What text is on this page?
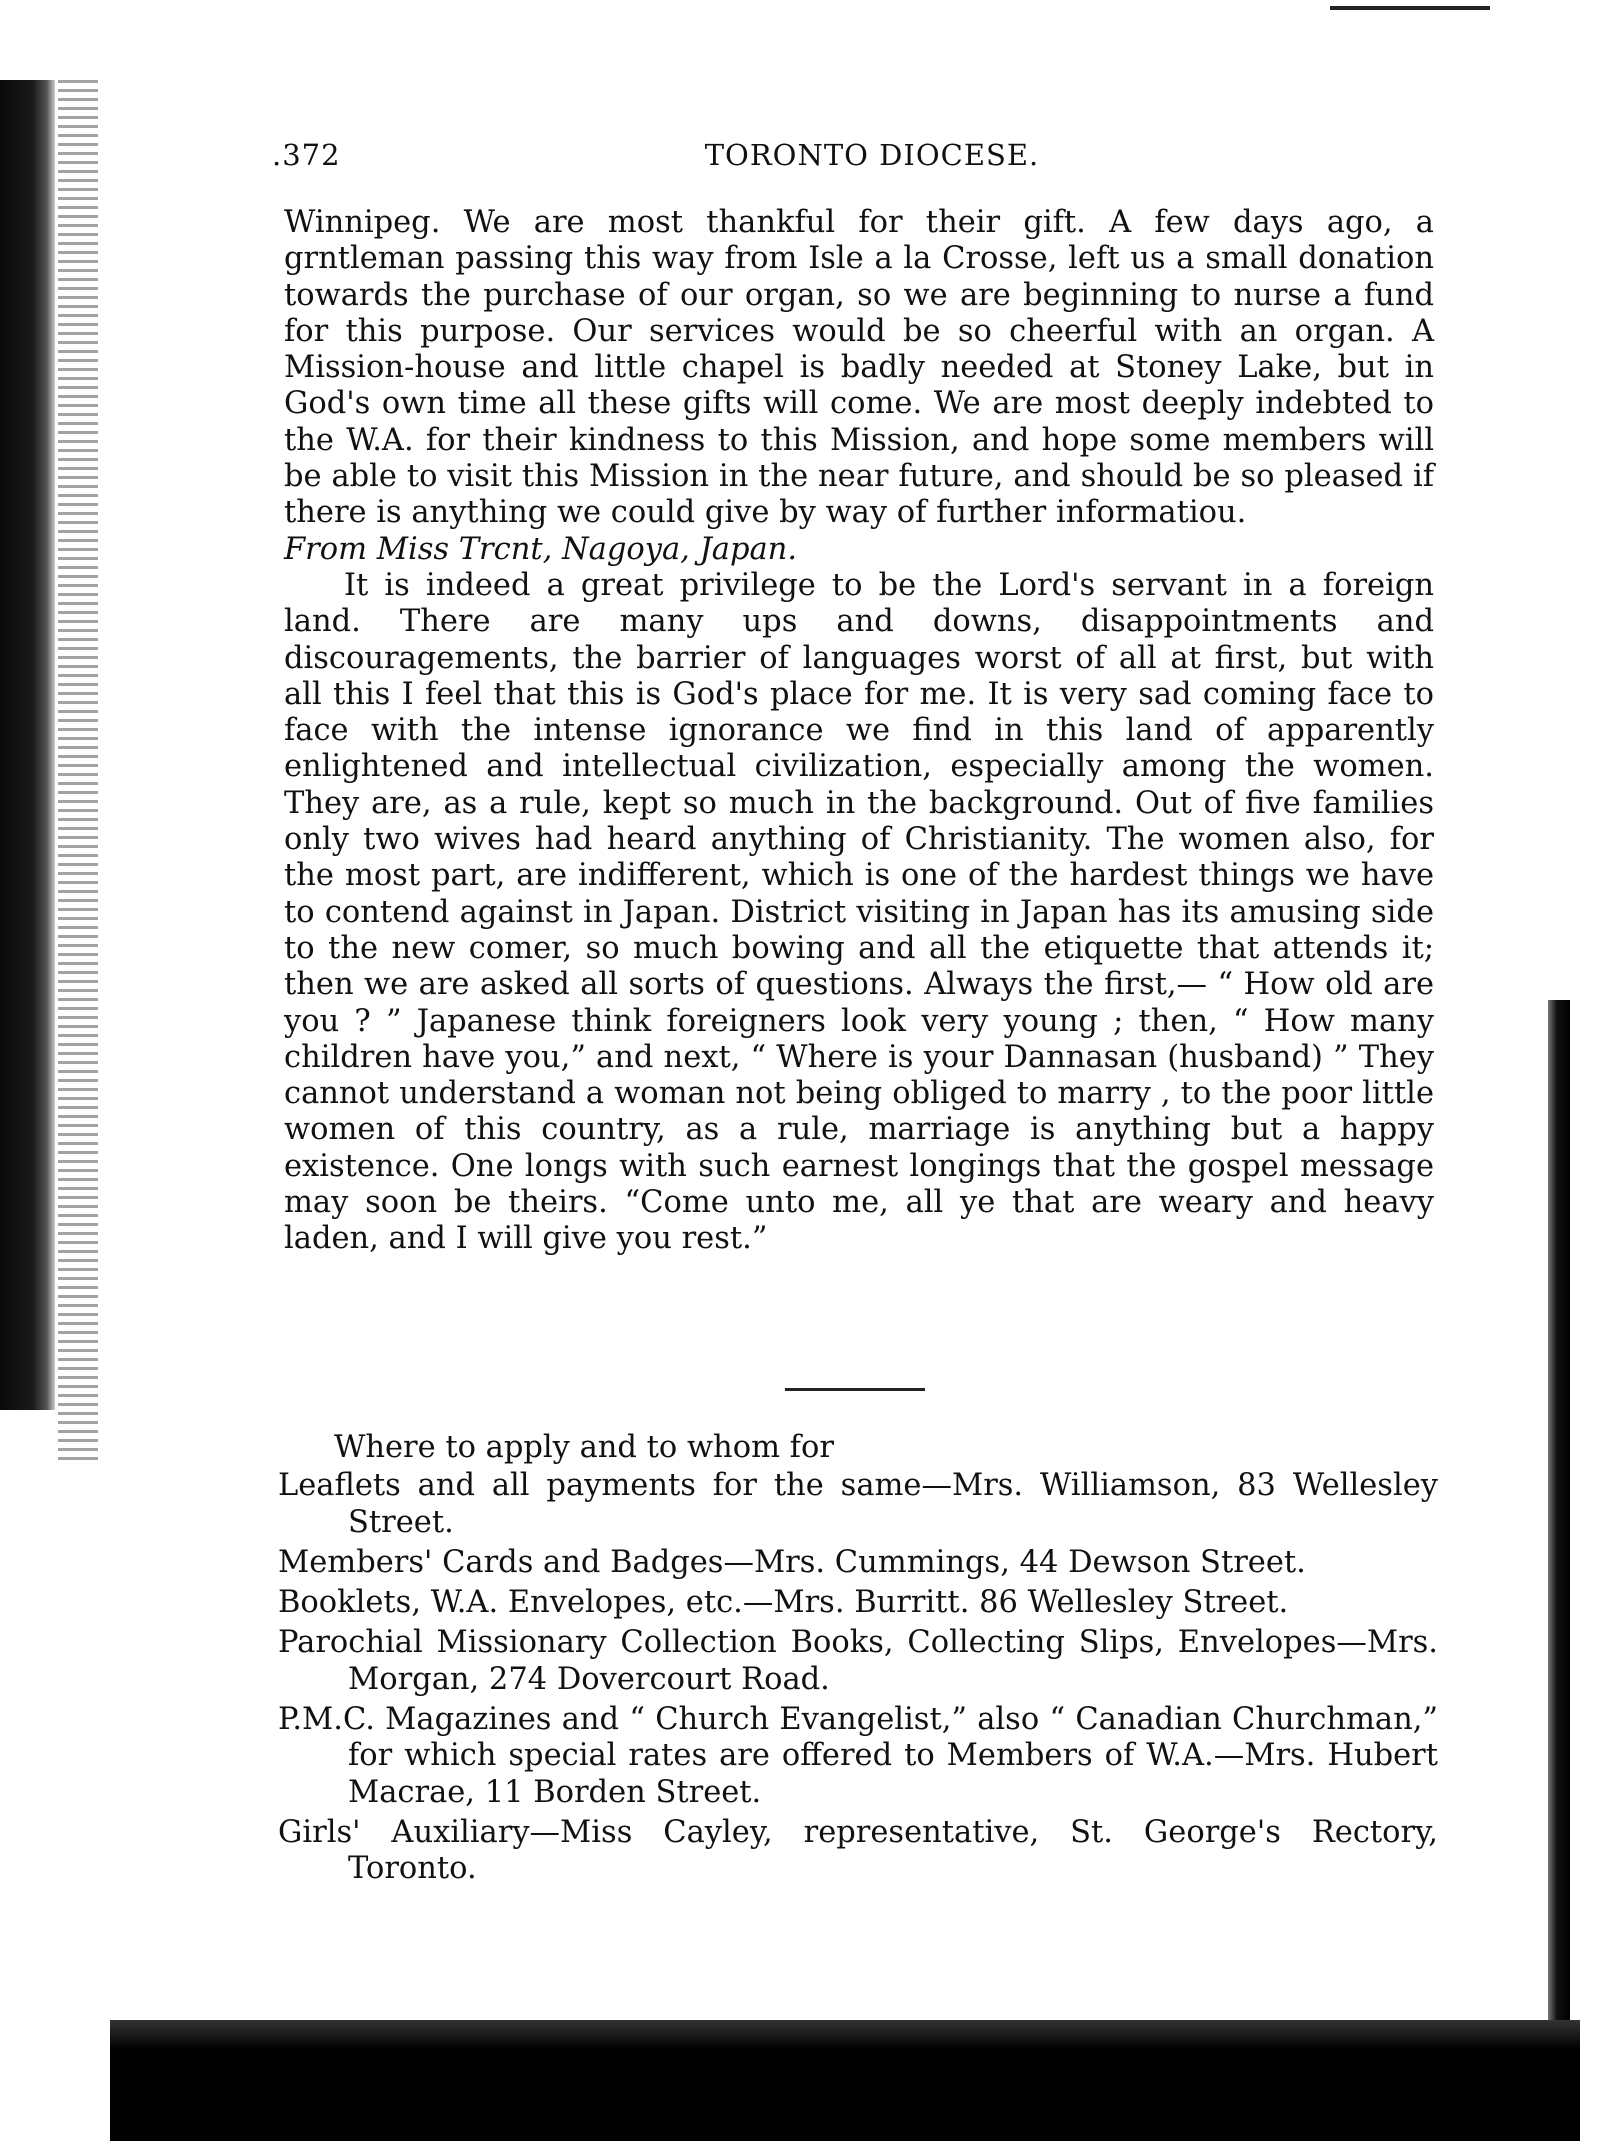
.372	TORONTO DIOCESE.

Winnipeg. We are most thankful for their gift. A few days ago, a grntleman passing this way from Isle a la Crosse, left us a small donation towards the purchase of our organ, so we are beginning to nurse a fund for this purpose. Our services would be so cheerful with an organ. A Mission-house and little chapel is badly needed at Stoney Lake, but in God's own time all these gifts will come. We are most deeply indebted to the W.A. for their kindness to this Mission, and hope some members will be able to visit this Mission in the near future, and should be so pleased if there is anything we could give by way of further informatiou.

From Miss Trcnt, Nagoya, Japan.

It is indeed a great privilege to be the Lord's servant in a foreign land. There are many ups and downs, disappointments and discouragements, the barrier of languages worst of all at first, but with all this I feel that this is God's place for me. It is very sad coming face to face with the intense ignorance we find in this land of apparently enlightened and intellectual civilization, especially among the women. They are, as a rule, kept so much in the background. Out of five families only two wives had heard anything of Christianity. The women also, for the most part, are indifferent, which is one of the hardest things we have to contend against in Japan. District visiting in Japan has its amusing side to the new comer, so much bowing and all the etiquette that attends it; then we are asked all sorts of questions. Always the first,— “ How old are you ? ” Japanese think foreigners look very young ; then, “ How many children have you,” and next, “ Where is your Dannasan (husband) ” They cannot understand a woman not being obliged to marry , to the poor little women of this country, as a rule, marriage is anything but a happy existence. One longs with such earnest longings that the gospel message may soon be theirs. “Come unto me, all ye that are weary and heavy laden, and I will give you rest.”

Where to apply and to whom for

Leaflets and all payments for the same—Mrs. Williamson, 83 Wellesley Street.

Members' Cards and Badges—Mrs. Cummings, 44 Dewson Street.

Booklets, W.A. Envelopes, etc.—Mrs. Burritt. 86 Wellesley Street.

Parochial Missionary Collection Books, Collecting Slips, Envelopes—Mrs. Morgan, 274 Dovercourt Road.

P.M.C. Magazines and “ Church Evangelist,” also “ Canadian Churchman,” for which special rates are offered to Members of W.A.—Mrs. Hubert Macrae, 11 Borden Street.

Girls' Auxiliary—Miss Cayley, representative, St. George's Rectory, Toronto.
